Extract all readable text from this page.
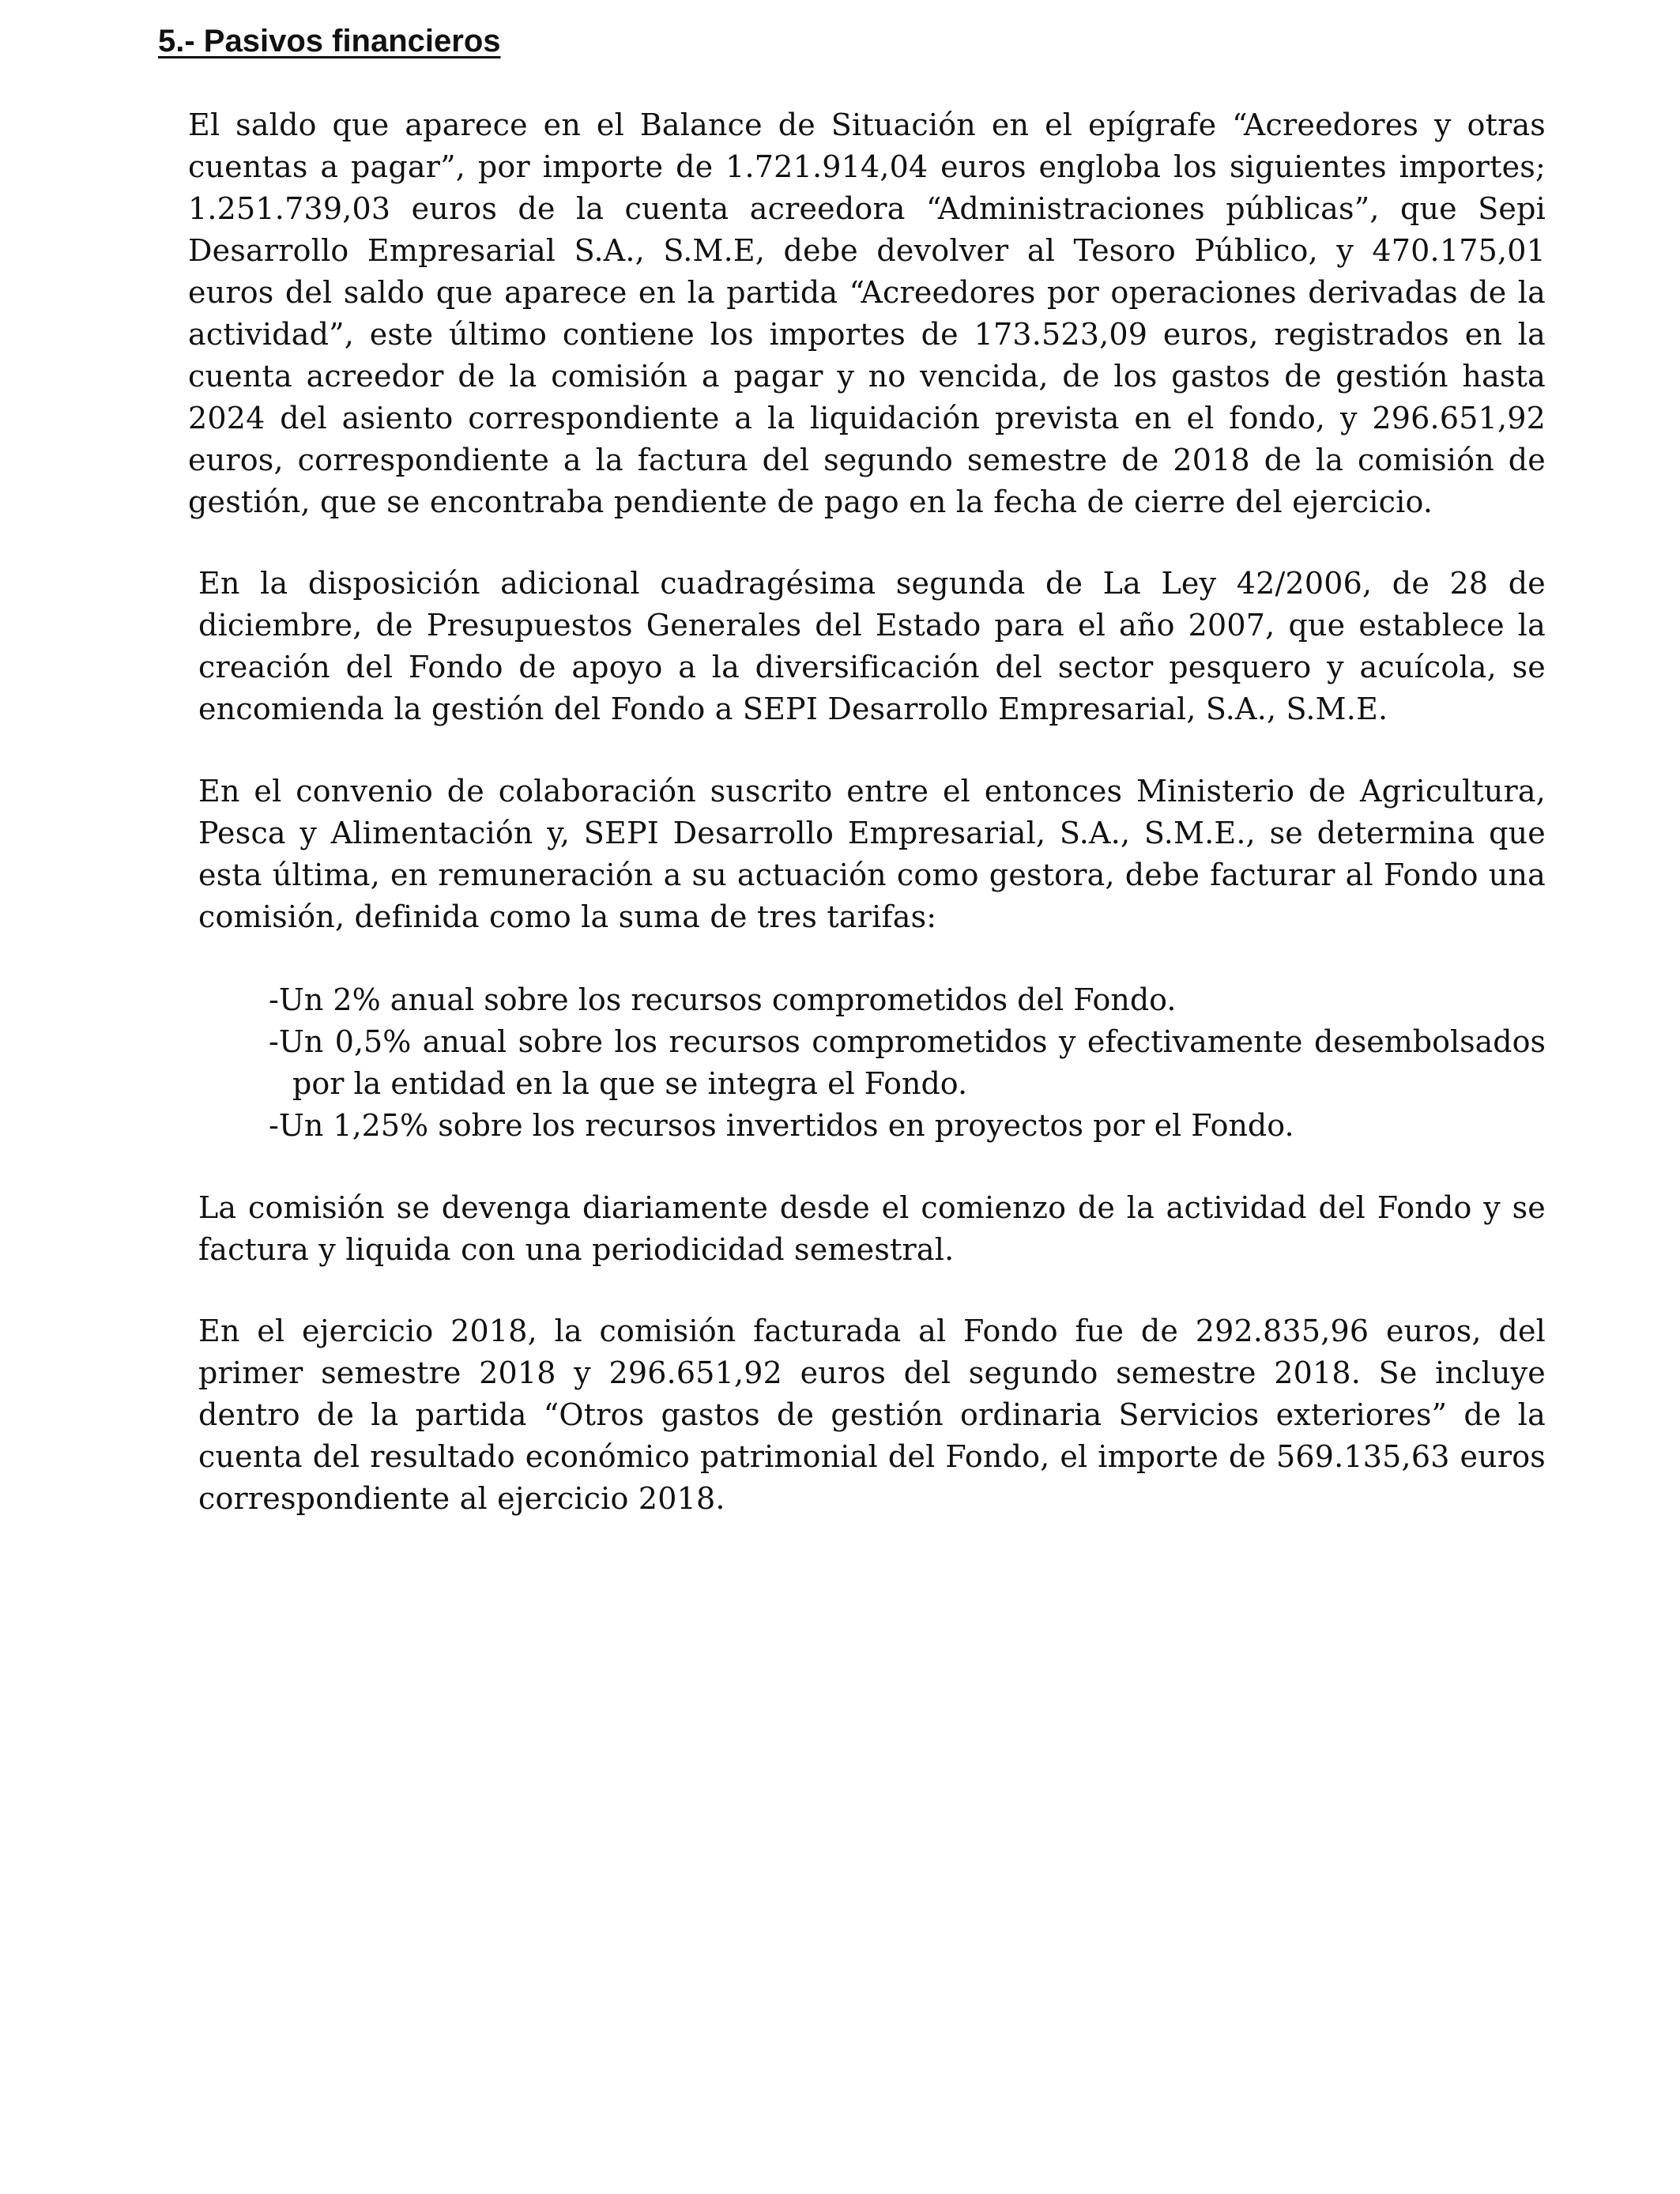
5.- Pasivos financieros

El saldo que aparece en el Balance de Situación en el epígrafe “Acreedores y otras cuentas a pagar”, por importe de 1.721.914,04 euros engloba los siguientes importes; 1.251.739,03 euros de la cuenta acreedora “Administraciones públicas”, que Sepi Desarrollo Empresarial S.A., S.M.E, debe devolver al Tesoro Público, y 470.175,01 euros del saldo que aparece en la partida “Acreedores por operaciones derivadas de la actividad”, este último contiene los importes de 173.523,09 euros, registrados en la cuenta acreedor de la comisión a pagar y no vencida, de los gastos de gestión hasta 2024 del asiento correspondiente a la liquidación prevista en el fondo, y 296.651,92 euros, correspondiente a la factura del segundo semestre de 2018 de la comisión de gestión, que se encontraba pendiente de pago en la fecha de cierre del ejercicio.

En la disposición adicional cuadragésima segunda de La Ley 42/2006, de 28 de diciembre, de Presupuestos Generales del Estado para el año 2007, que establece la creación del Fondo de apoyo a la diversificación del sector pesquero y acuícola, se encomienda la gestión del Fondo a SEPI Desarrollo Empresarial, S.A., S.M.E.

En el convenio de colaboración suscrito entre el entonces Ministerio de Agricultura, Pesca y Alimentación y, SEPI Desarrollo Empresarial, S.A., S.M.E., se determina que esta última, en remuneración a su actuación como gestora, debe facturar al Fondo una comisión, definida como la suma de tres tarifas:

-Un 2% anual sobre los recursos comprometidos del Fondo.
-Un 0,5% anual sobre los recursos comprometidos y efectivamente desembolsados por la entidad en la que se integra el Fondo.
-Un 1,25% sobre los recursos invertidos en proyectos por el Fondo.

La comisión se devenga diariamente desde el comienzo de la actividad del Fondo y se factura y liquida con una periodicidad semestral.

En el ejercicio 2018, la comisión facturada al Fondo fue de 292.835,96 euros, del primer semestre 2018 y 296.651,92 euros del segundo semestre 2018. Se incluye dentro de la partida “Otros gastos de gestión ordinaria Servicios exteriores” de la cuenta del resultado económico patrimonial del Fondo, el importe de 569.135,63 euros correspondiente al ejercicio 2018.
